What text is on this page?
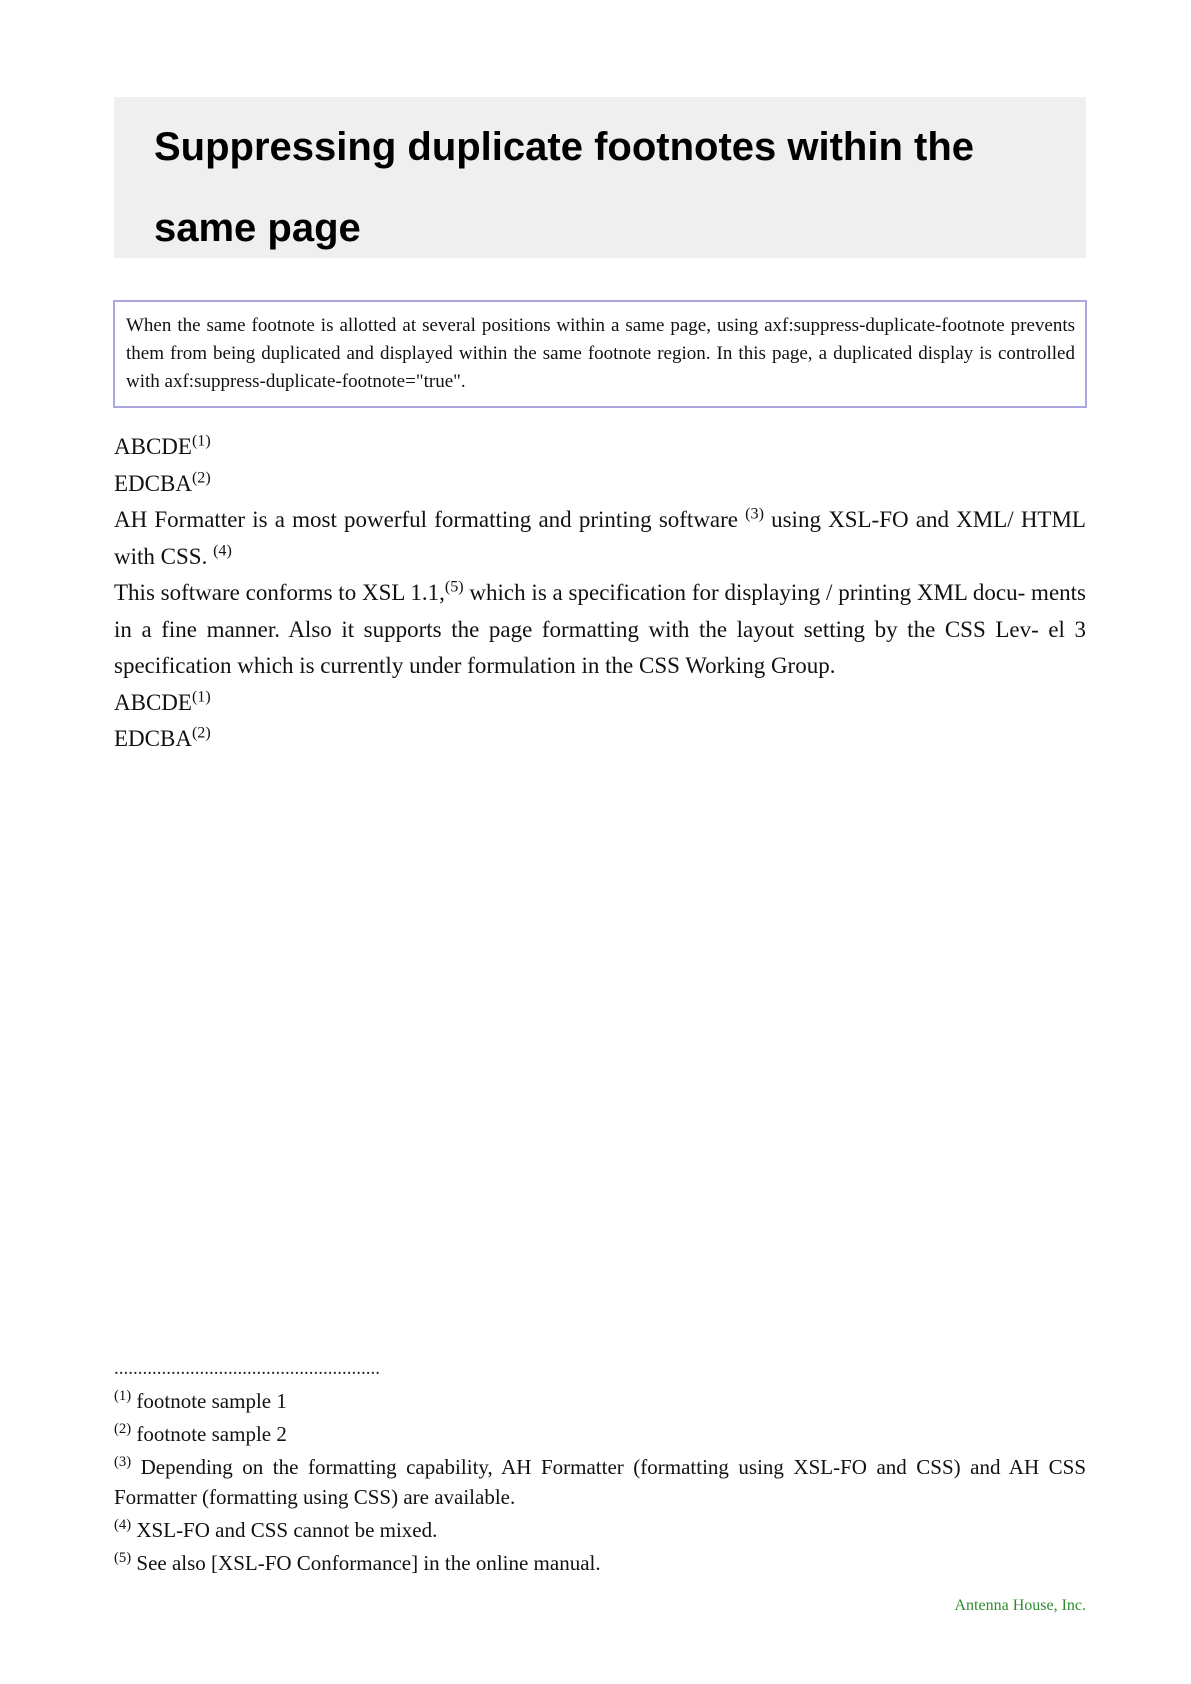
Suppressing duplicate footnotes within the same page
When the same footnote is allotted at several positions within a same page, using axf:suppress-duplicate-footnote prevents them from being duplicated and displayed within the same footnote region. In this page, a duplicated display is controlled with axf:suppress-duplicate-footnote="true".
ABCDE$^{(1)}$
EDCBA$^{(2)}$

AH Formatter is a most powerful formatting and printing software $^{(3)}$ using XSL-FO and XML/ HTML with CSS. $^{(4)}$

This software conforms to XSL 1.1,$^{(5)}$ which is a specification for displaying / printing XML docu- ments in a fine manner. Also it supports the page formatting with the layout setting by the CSS Lev- el 3 specification which is currently under formulation in the CSS Working Group.

ABCDE$^{(1)}$
EDCBA$^{(2)}$
........................................................
$^{(1)}$ footnote sample 1
$^{(2)}$ footnote sample 2
$^{(3)}$ Depending on the formatting capability, AH Formatter (formatting using XSL-FO and CSS) and AH CSS Formatter (formatting using CSS) are available.
$^{(4)}$ XSL-FO and CSS cannot be mixed.
$^{(5)}$ See also [XSL-FO Conformance] in the online manual.
Antenna House, Inc.
